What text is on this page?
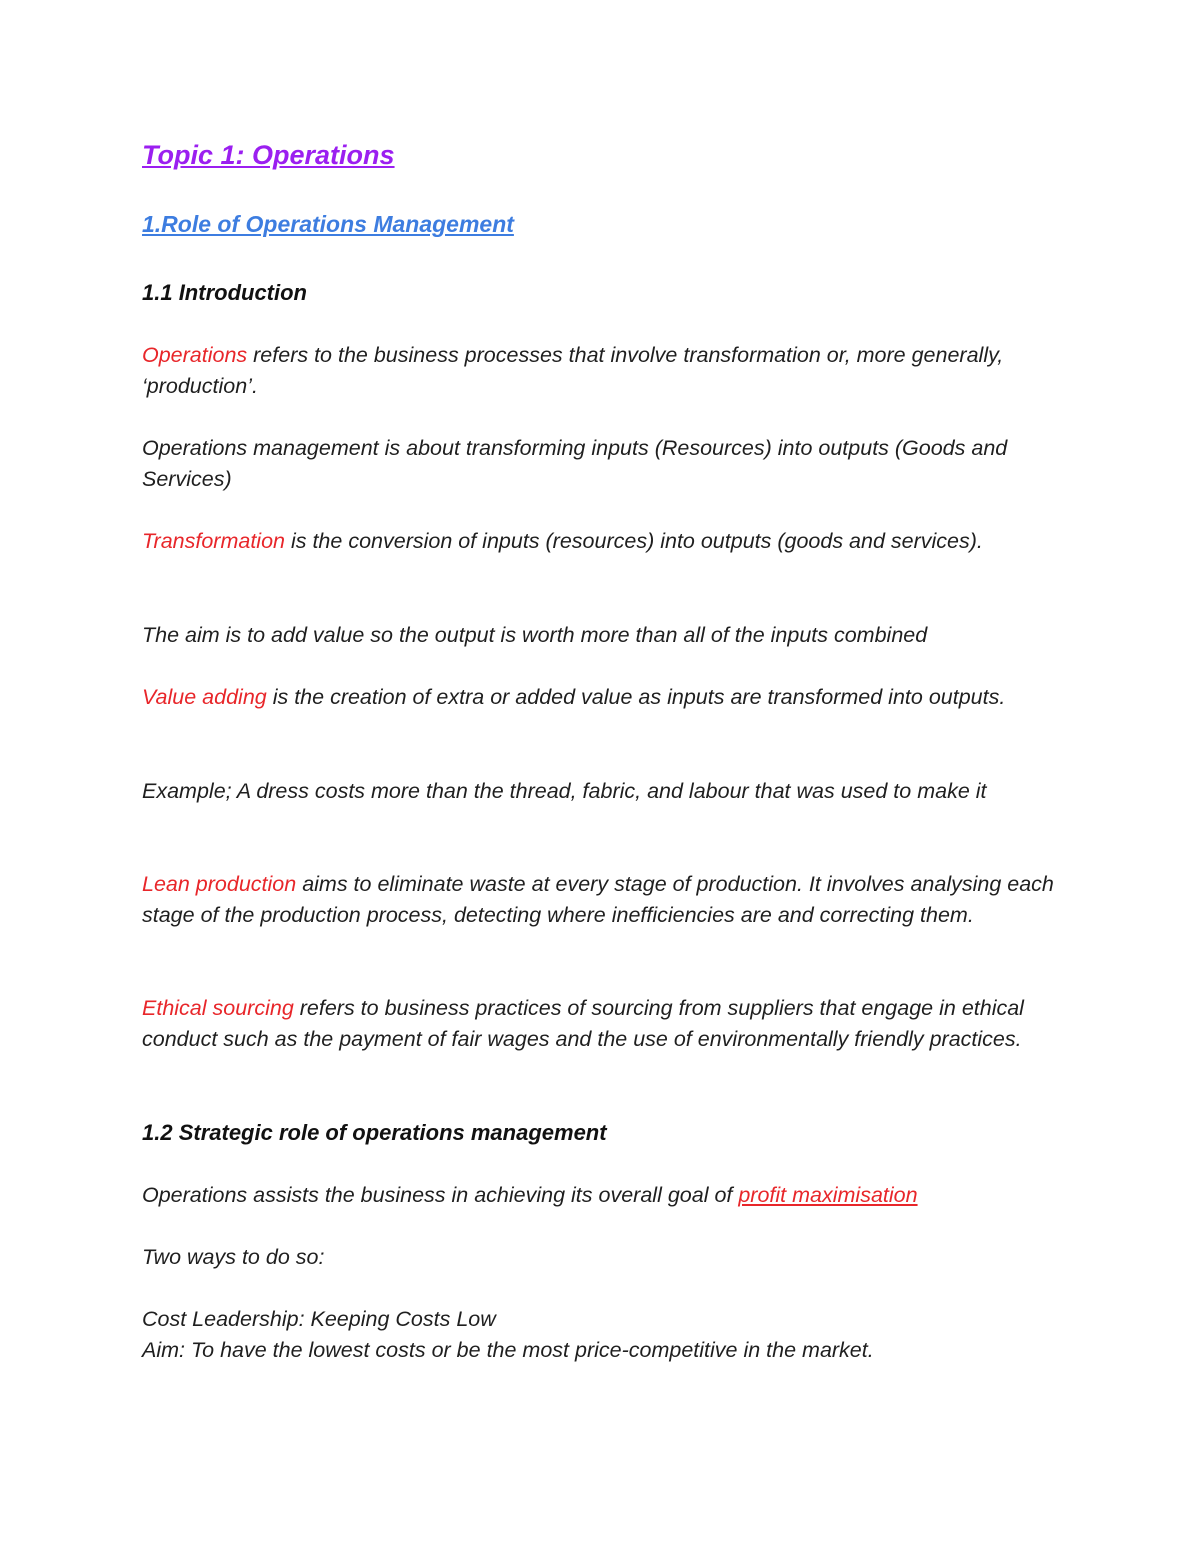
Topic 1: Operations
1.Role of Operations Management
1.1 Introduction
Operations refers to the business processes that involve transformation or, more generally, ‘production’.
Operations management is about transforming inputs (Resources) into outputs (Goods and Services)
Transformation is the conversion of inputs (resources) into outputs (goods and services).
The aim is to add value so the output is worth more than all of the inputs combined
Value adding is the creation of extra or added value as inputs are transformed into outputs.
Example; A dress costs more than the thread, fabric, and labour that was used to make it
Lean production aims to eliminate waste at every stage of production. It involves analysing each stage of the production process, detecting where inefficiencies are and correcting them.
Ethical sourcing refers to business practices of sourcing from suppliers that engage in ethical conduct such as the payment of fair wages and the use of environmentally friendly practices.
1.2 Strategic role of operations management
Operations assists the business in achieving its overall goal of profit maximisation
Two ways to do so:
Cost Leadership: Keeping Costs Low
Aim: To have the lowest costs or be the most price-competitive in the market.
